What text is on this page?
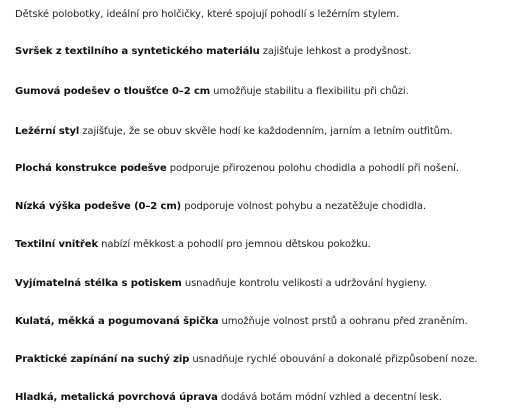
Dětské polobotky, ideální pro holčičky, které spojují pohodlí s ležérním stylem.
Svršek z textilního a syntetického materiálu zajišťuje lehkost a prodyšnost.
Gumová podešev o tloušťce 0–2 cm umožňuje stabilitu a flexibilitu při chůzi.
Ležérní styl zajišťuje, že se obuv skvěle hodí ke každodenním, jarním a letním outfitům.
Plochá konstrukce podešve podporuje přirozenou polohu chodidla a pohodlí při nošení.
Nízká výška podešve (0–2 cm) podporuje volnost pohybu a nezatěžuje chodidla.
Textilní vnitřek nabízí měkkost a pohodlí pro jemnou dětskou pokožku.
Vyjímatelná stélka s potiskem usnadňuje kontrolu velikosti a udržování hygieny.
Kulatá, měkká a pogumovaná špička umožňuje volnost prstů a oohranu před zraněním.
Praktické zapínání na suchý zip usnadňuje rychlé obouvání a dokonalé přizpůsobení noze.
Hladká, metalická povrchová úprava dodává botám módní vzhled a decentní lesk.
